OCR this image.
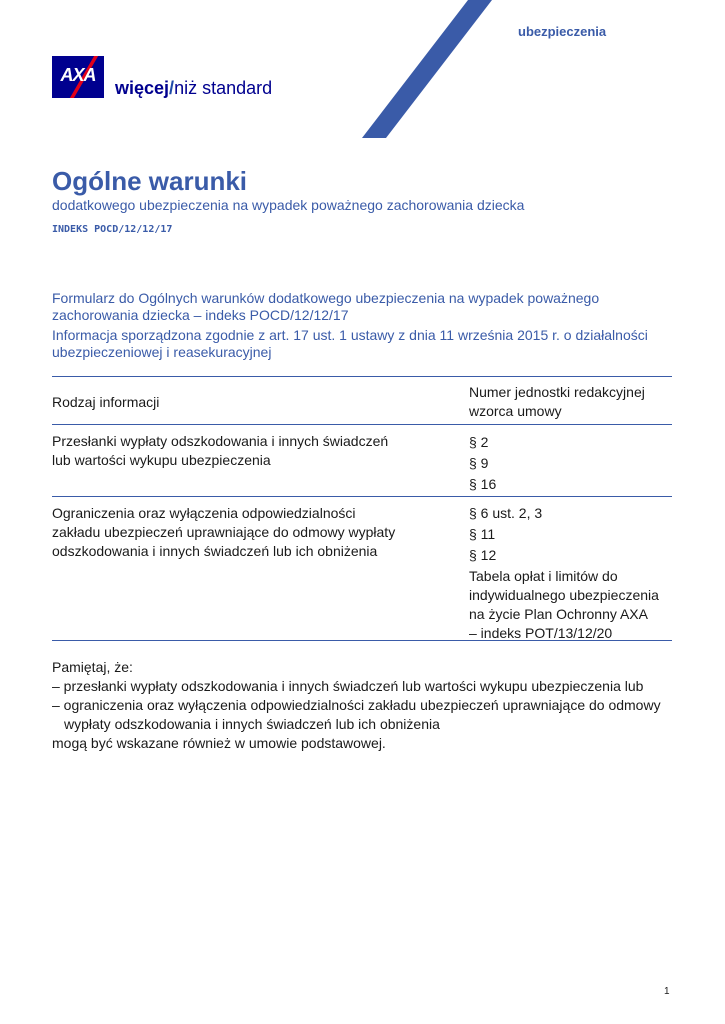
ubezpieczenia
AXA
więcej/niż standard
Ogólne warunki
dodatkowego ubezpieczenia na wypadek poważnego zachorowania dziecka
INDEKS POCD/12/12/17

Formularz do Ogólnych warunków dodatkowego ubezpieczenia na wypadek poważnego zachorowania dziecka – indeks POCD/12/12/17

Informacja sporządzona zgodnie z art. 17 ust. 1 ustawy z dnia 11 września 2015 r. o działalności ubezpieczeniowej i reasekuracyjnej

Rodzaj informacji
Numer jednostki redakcyjnej
wzorca umowy
Przesłanki wypłaty odszkodowania i innych świadczeń
lub wartości wykupu ubezpieczenia
§ 2
§ 9
§ 16
Ograniczenia oraz wyłączenia odpowiedzialności
zakładu ubezpieczeń uprawniające do odmowy wypłaty
odszkodowania i innych świadczeń lub ich obniżenia
§ 6 ust. 2, 3
§ 11
§ 12
Tabela opłat i limitów do
indywidualnego ubezpieczenia
na życie Plan Ochronny AXA
– indeks POT/13/12/20
Pamiętaj, że:
– przesłanki wypłaty odszkodowania i innych świadczeń lub wartości wykupu ubezpieczenia lub
– ograniczenia oraz wyłączenia odpowiedzialności zakładu ubezpieczeń uprawniające do odmowy
wypłaty odszkodowania i innych świadczeń lub ich obniżenia
mogą być wskazane również w umowie podstawowej.
1
